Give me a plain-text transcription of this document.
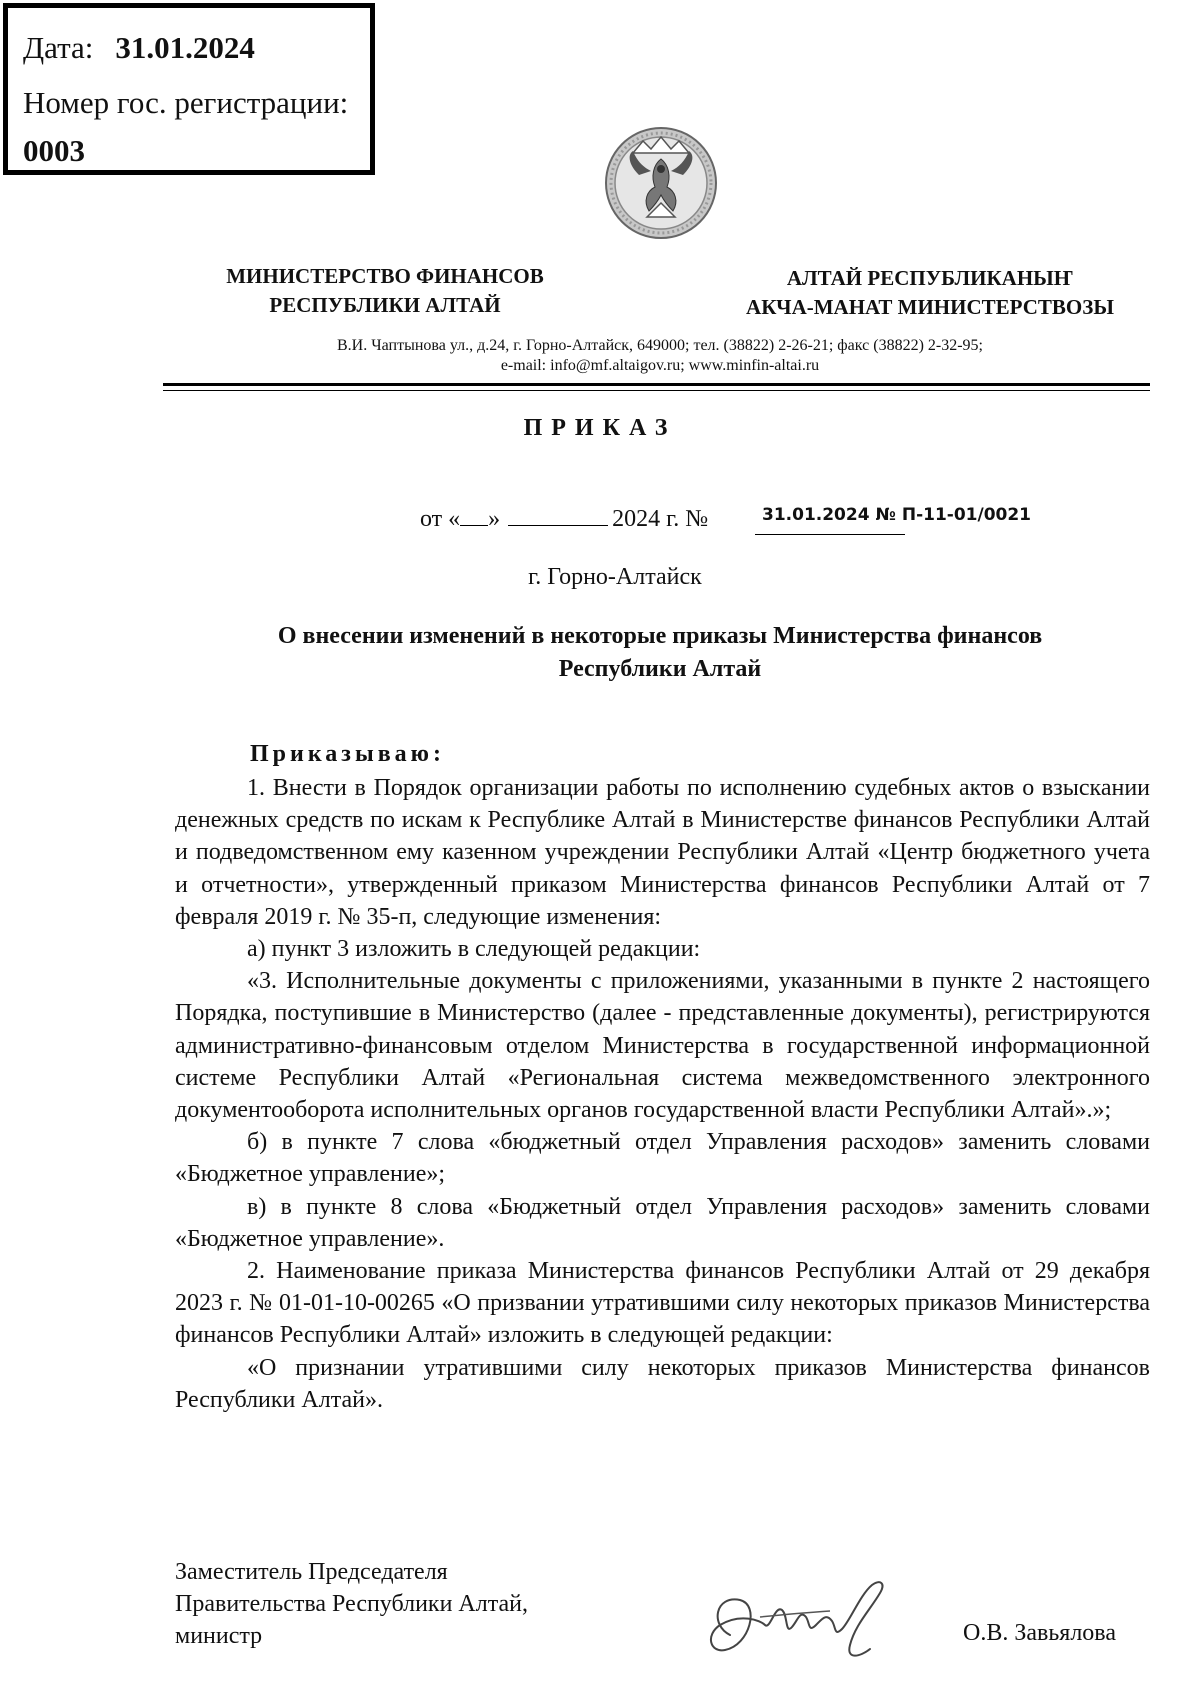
Дата: 31.01.2024
Номер гос. регистрации:
0003
МИНИСТЕРСТВО ФИНАНСОВ
РЕСПУБЛИКИ АЛТАЙ
АЛТАЙ РЕСПУБЛИКАНЫҤ
АКЧА-МАНАТ МИНИСТЕРСТВОЗЫ
В.И. Чаптынова ул., д.24, г. Горно-Алтайск, 649000; тел. (38822) 2-26-21; факс (38822) 2-32-95;
e-mail: info@mf.altaigov.ru; www.minfin-altai.ru
ПРИКАЗ
от « »	2024 г. №	31.01.2024 № П-11-01/0021
г. Горно-Алтайск
О внесении изменений в некоторые приказы Министерства финансов
Республики Алтай
Приказываю:

1. Внести в Порядок организации работы по исполнению судебных актов о взыскании денежных средств по искам к Республике Алтай в Министерстве финансов Республики Алтай и подведомственном ему казенном учреждении Республики Алтай «Центр бюджетного учета и отчетности», утвержденный приказом Министерства финансов Республики Алтай от 7 февраля 2019 г. № 35-п, следующие изменения:

а) пункт 3 изложить в следующей редакции:

«3. Исполнительные документы с приложениями, указанными в пункте 2 настоящего Порядка, поступившие в Министерство (далее - представленные документы), регистрируются административно-финансовым отделом Министерства в государственной информационной системе Республики Алтай «Региональная система межведомственного электронного документооборота исполнительных органов государственной власти Республики Алтай».»;

б) в пункте 7 слова «бюджетный отдел Управления расходов» заменить словами «Бюджетное управление»;

в) в пункте 8 слова «Бюджетный отдел Управления расходов» заменить словами «Бюджетное управление».

2. Наименование приказа Министерства финансов Республики Алтай от 29 декабря 2023 г. № 01-01-10-00265 «О призвании утратившими силу некоторых приказов Министерства финансов Республики Алтай» изложить в следующей редакции:

«О признании утратившими силу некоторых приказов Министерства финансов Республики Алтай».

Заместитель Председателя
Правительства Республики Алтай,
министр	О.В. Завьялова
